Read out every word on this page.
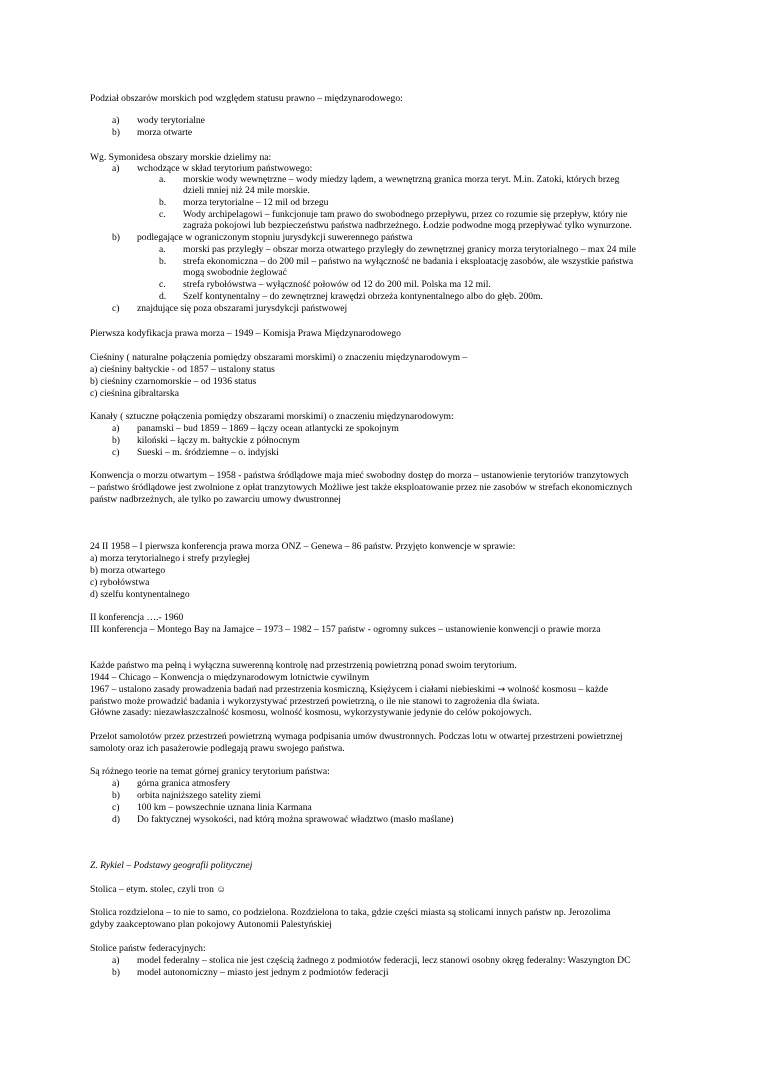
Podział obszarów morskich pod względem statusu prawno – międzynarodowego:
a) wody terytorialne
b) morza otwarte
Wg. Symonidesa obszary morskie dzielimy na:
a) wchodzące w skład terytorium państwowego:
a. morskie wody wewnętrzne – wody miedzy lądem, a wewnętrzną granica morza teryt. M.in. Zatoki, których brzeg
dzieli mniej niż 24 mile morskie.
b. morza terytorialne – 12 mil od brzegu
c. Wody archipelagowi – funkcjonuje tam prawo do swobodnego przepływu, przez co rozumie się przepływ, który nie
zagraża pokojowi lub bezpieczeństwu państwa nadbrzeżnego. Łodzie podwodne mogą przepływać tylko wynurzone.
b) podlegające w ograniczonym stopniu jurysdykcji suwerennego państwa
a. morski pas przyległy – obszar morza otwartego przyległy do zewnętrznej granicy morza terytorialnego – max 24 mile
b. strefa ekonomiczna – do 200 mil – państwo na wyłączność ne badania i eksploatację zasobów, ale wszystkie państwa
mogą swobodnie żeglować
c. strefa rybołówstwa – wyłączność połowów od 12 do 200 mil. Polska ma 12 mil.
d. Szelf kontynentalny – do zewnętrznej krawędzi obrzeża kontynentalnego albo do głęb. 200m.
c) znajdujące się poza obszarami jurysdykcji państwowej
Pierwsza kodyfikacja prawa morza – 1949 – Komisja Prawa Międzynarodowego
Cieśniny ( naturalne połączenia pomiędzy obszarami morskimi) o znaczeniu międzynarodowym –
a) cieśniny bałtyckie - od 1857 – ustalony status
b) cieśniny czarnomorskie – od 1936 status
c) cieśnina gibraltarska
Kanały ( sztuczne połączenia pomiędzy obszarami morskimi) o znaczeniu międzynarodowym:
a) panamski – bud 1859 – 1869 – łączy ocean atlantycki ze spokojnym
b) kiloński – łączy m. bałtyckie z północnym
c) Sueski – m. śródziemne – o. indyjski
Konwencja o morzu otwartym – 1958 - państwa śródlądowe maja mieć swobodny dostęp do morza – ustanowienie terytoriów tranzytowych
– państwo śródlądowe jest zwolnione z opłat tranzytowych Możliwe jest także eksploatowanie przez nie zasobów w strefach ekonomicznych
państw nadbrzeżnych, ale tylko po zawarciu umowy dwustronnej
24 II 1958 – I pierwsza konferencja prawa morza ONZ – Genewa – 86 państw. Przyjęto konwencje w sprawie:
a) morza terytorialnego i strefy przyległej
b) morza otwartego
c) rybołówstwa
d) szelfu kontynentalnego
II konferencja ….- 1960
III konferencja – Montego Bay na Jamajce – 1973 – 1982 – 157 państw - ogromny sukces – ustanowienie konwencji o prawie morza
Każde państwo ma pełną i wyłączna suwerenną kontrolę nad przestrzenią powietrzną ponad swoim terytorium.
1944 – Chicago – Konwencja o międzynarodowym lotnictwie cywilnym
1967 – ustalono zasady prowadzenia badań nad przestrzenia kosmiczną, Księżycem i ciałami niebieskimi → wolność kosmosu – każde
państwo może prowadzić badania i wykorzystywać przestrzeń powietrzną, o ile nie stanowi to zagrożenia dla świata.
Główne zasady: niezawłaszczalność kosmosu, wolność kosmosu, wykorzystywanie jedynie do celów pokojowych.
Przelot samolotów przez przestrzeń powietrzną wymaga podpisania umów dwustronnych. Podczas lotu w otwartej przestrzeni powietrznej
samoloty oraz ich pasażerowie podlegają prawu swojego państwa.
Są różnego teorie na temat górnej granicy terytorium państwa:
a) górna granica atmosfery
b) orbita najniższego satelity ziemi
c) 100 km – powszechnie uznana linia Karmana
d) Do faktycznej wysokości, nad którą można sprawować władztwo (masło maślane)
Z. Rykiel – Podstawy geografii politycznej
Stolica – etym. stolec, czyli tron ☺
Stolica rozdzielona – to nie to samo, co podzielona. Rozdzielona to taka, gdzie części miasta są stolicami innych państw np. Jerozolima
gdyby zaakceptowano plan pokojowy Autonomii Palestyńskiej
Stolice państw federacyjnych:
a) model federalny – stolica nie jest częścią żadnego z podmiotów federacji, lecz stanowi osobny okręg federalny: Waszyngton DC
b) model autonomiczny – miasto jest jednym z podmiotów federacji
